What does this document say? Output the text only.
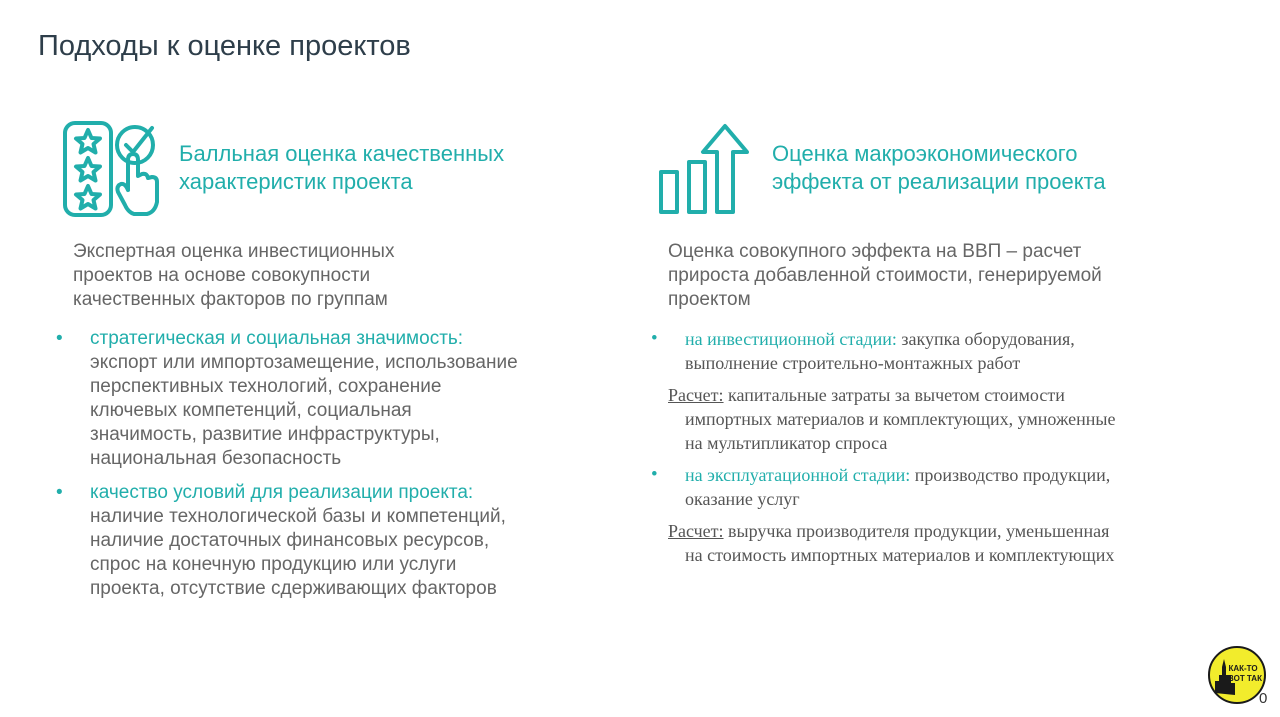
Подходы к оценке проектов
Балльная оценка качественных
характеристик проекта
Оценка макроэкономического
эффекта от реализации проекта
Экспертная оценка инвестиционных
проектов на основе совокупности
качественных факторов по группам
Оценка совокупного эффекта на ВВП – расчет
прироста добавленной стоимости, генерируемой
проектом
• стратегическая и социальная значимость:
экспорт или импортозамещение, использование
перспективных технологий, сохранение
ключевых компетенций, социальная
значимость, развитие инфраструктуры,
национальная безопасность
• качество условий для реализации проекта:
наличие технологической базы и компетенций,
наличие достаточных финансовых ресурсов,
спрос на конечную продукцию или услуги
проекта, отсутствие сдерживающих факторов
• на инвестиционной стадии: закупка оборудования,
выполнение строительно-монтажных работ
Расчет: капитальные затраты за вычетом стоимости
импортных материалов и комплектующих, умноженные
на мультипликатор спроса
• на эксплуатационной стадии: производство продукции,
оказание услуг
Расчет: выручка производителя продукции, уменьшенная
на стоимость импортных материалов и комплектующих
КАК-ТО
ВОТ ТАК
0
